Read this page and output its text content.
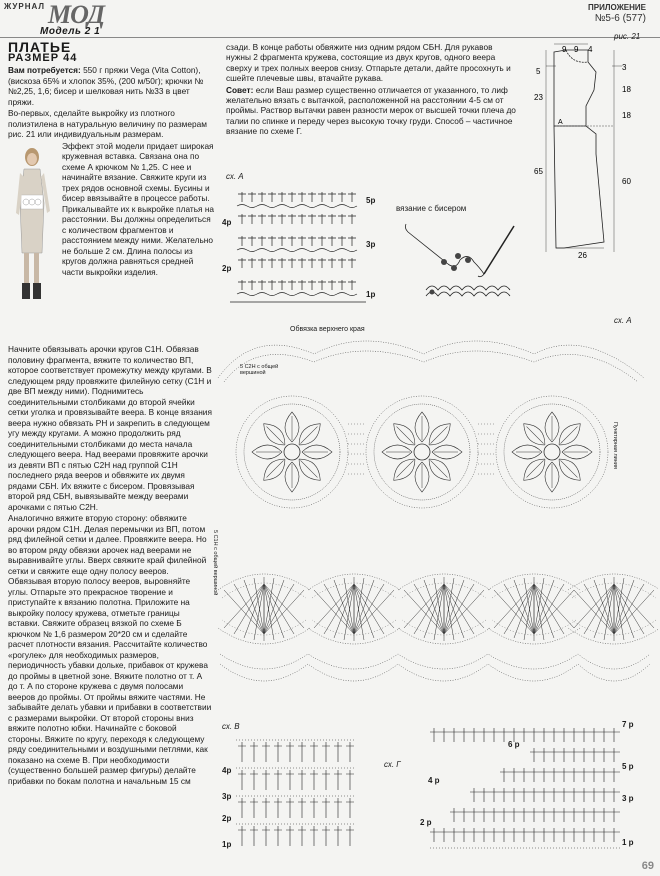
ЖУРНАЛ МОД	ПРИЛОЖЕНИЕ
№5-6 (577)
Модель 2 1
ПЛАТЬЕ
РАЗМЕР 44
Вам потребуется: 550 г пряжи Vega (Vita Cotton), (вискоза 65% и хлопок 35%, (200 м/50г); крючки №№2,25, 1,6; бисер и шелковая нить №33 в цвет пряжи.
Во-первых, сделайте выкройку из плотного полиэтилена в натуральную величину по размерам рис. 21 или индивидуальным размерам.
Эффект этой модели придает широкая кружевная вставка. Связана она по схеме А крючком № 1,25. С нее и начинайте вязание. Свяжите круги из трех рядов основной схемы. Бусины и бисер ввязывайте в процессе работы. Прикалывайте их к выкройке платья на расстоянии. Вы должны определиться с количеством фрагментов и расстоянием между ними. Желательно не больше 2 см. Длина полосы из кругов должна равняться средней части выкройки изделия.
Начните обвязывать арочки кругов С1Н. Обвязав половину фрагмента, вяжите то количество ВП, которое соответствует промежутку между кругами. В следующем ряду провяжите филейную сетку (С1Н и две ВП между ними). Поднимитесь соединительными столбиками до второй ячейки сетки уголка и провязывайте веера. В конце вязания веера нужно обвязать РН и закрепить в следующем угу между кругами. А можно продолжить ряд соединительными столбиками до места начала следующего веера. Над веерами провяжите арочки из девяти ВП с пятью С2Н над группой С1Н последнего ряда вееров и обвяжите их двумя рядами СБН. Их вяжите с бисером. Провязывая второй ряд СБН, вывязывайте между веерами арочками с пятью С2Н.
Аналогично вяжите вторую сторону: обвяжите арочки рядом С1Н. Делая перемычки из ВП, потом ряд филейной сетки и далее. Провяжите веера. Но во втором ряду обвязки арочек над веерами не выравнивайте углы. Вверх свяжите край филейной сетки и свяжите еще одну полосу вееров. Обвязывая вторую полосу вееров, выровняйте углы. Отпарьте это прекрасное творение и приступайте к вязанию полотна. Приложите на выкройку полосу кружева, отметьте границы вставки. Свяжите образец вязкой по схеме Б крючком № 1,6 размером 20*20 см и сделайте расчет плотности вязания. Рассчитайте количество «рогулек» для необходимых размеров, периодичность убавки дольке, прибавок от кружева до проймы в цветной зоне. Вяжите полотно от т. А до т. А по стороне кружева с двумя полосами вееров до проймы. От проймы вяжите частями. Не забывайте делать убавки и прибавки в соответствии с размерами выкройки. От второй стороны вниз вяжите полотно юбки. Начинайте с боковой стороны. Вяжите по кругу, переходя к следующему ряду соединительными и воздушными петлями, как показано на схеме В. При необходимости (существенно большей размер фигуры) делайте прибавки по бокам полотна и начальным 15 см
сзади. В конце работы обвяжите низ одним рядом СБН. Для рукавов нужны 2 фрагмента кружева, состоящие из двух кругов, одного веера сверху и трех полных вееров снизу. Отпарьте детали, дайте просохнуть и сшейте плечевые швы, втачайте рукава.
Совет: если Ваш размер существенно отличается от указанного, то лиф желательно вязать с вытачкой, расположенной на расстоянии 4-5 см от проймы. Раствор вытачки равен разности мерок от высшей точки плеча до талии по спинке и переду через высокую точку груди. Способ – частичное вязание по схеме Г.
рис. 21
9 9 4
5	3
23
18
18
65
60
26
A
сх. А
5р
4р
3р
2р
1р
вязание с бисером
сх. А
Обвязка верхнего края
5 С2Н с общей вершиной
Пунктирная линия
5 С1Н с общей вершиной
сх. В
4р
3р
2р
1р
сх. Г
7 р
6 р
5 р
4 р
3 р
2 р
1 р
69
